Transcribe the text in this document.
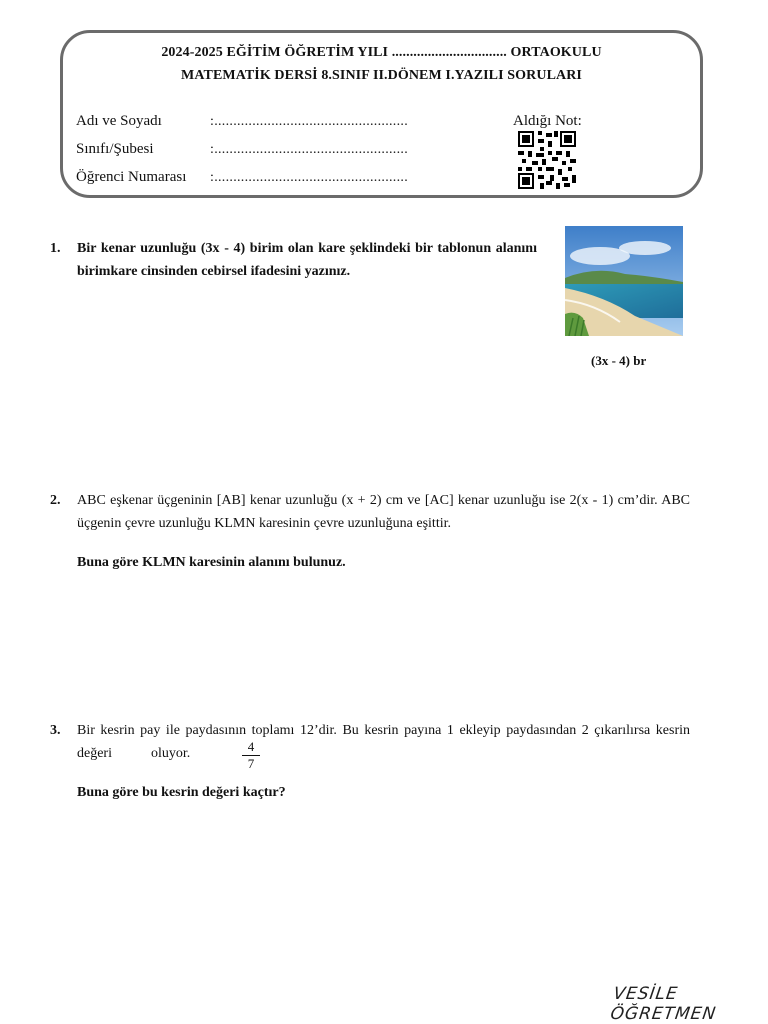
2024-2025 EĞİTİM ÖĞRETİM YILI ................................ ORTAOKULU
MATEMATİK DERSİ 8.SINIF II.DÖNEM I.YAZILI SORULARI
Adı ve Soyadı	:...................................................
Sınıfı/Şubesi	:...................................................
Öğrenci Numarası :...................................................
Aldığı Not:
1. Bir kenar uzunluğu (3x - 4) birim olan kare şeklindeki bir tablonun alanını birimkare cinsinden cebirsel ifadesini yazınız.
(3x - 4) br
2. ABC eşkenar üçgeninin [AB] kenar uzunluğu (x + 2) cm ve [AC] kenar uzunluğu ise 2(x - 1) cm’dir. ABC üçgenin çevre uzunluğu KLMN karesinin çevre uzunluğuna eşittir.
Buna göre KLMN karesinin alanını bulunuz.
3. Bir kesrin pay ile paydasının toplamı 12’dir. Bu kesrin payına 1 ekleyip paydasından 2 çıkarılırsa kesrin değeri	oluyor.	4
7
Buna göre bu kesrin değeri kaçtır?
VESİLE ÖĞRETMEN
